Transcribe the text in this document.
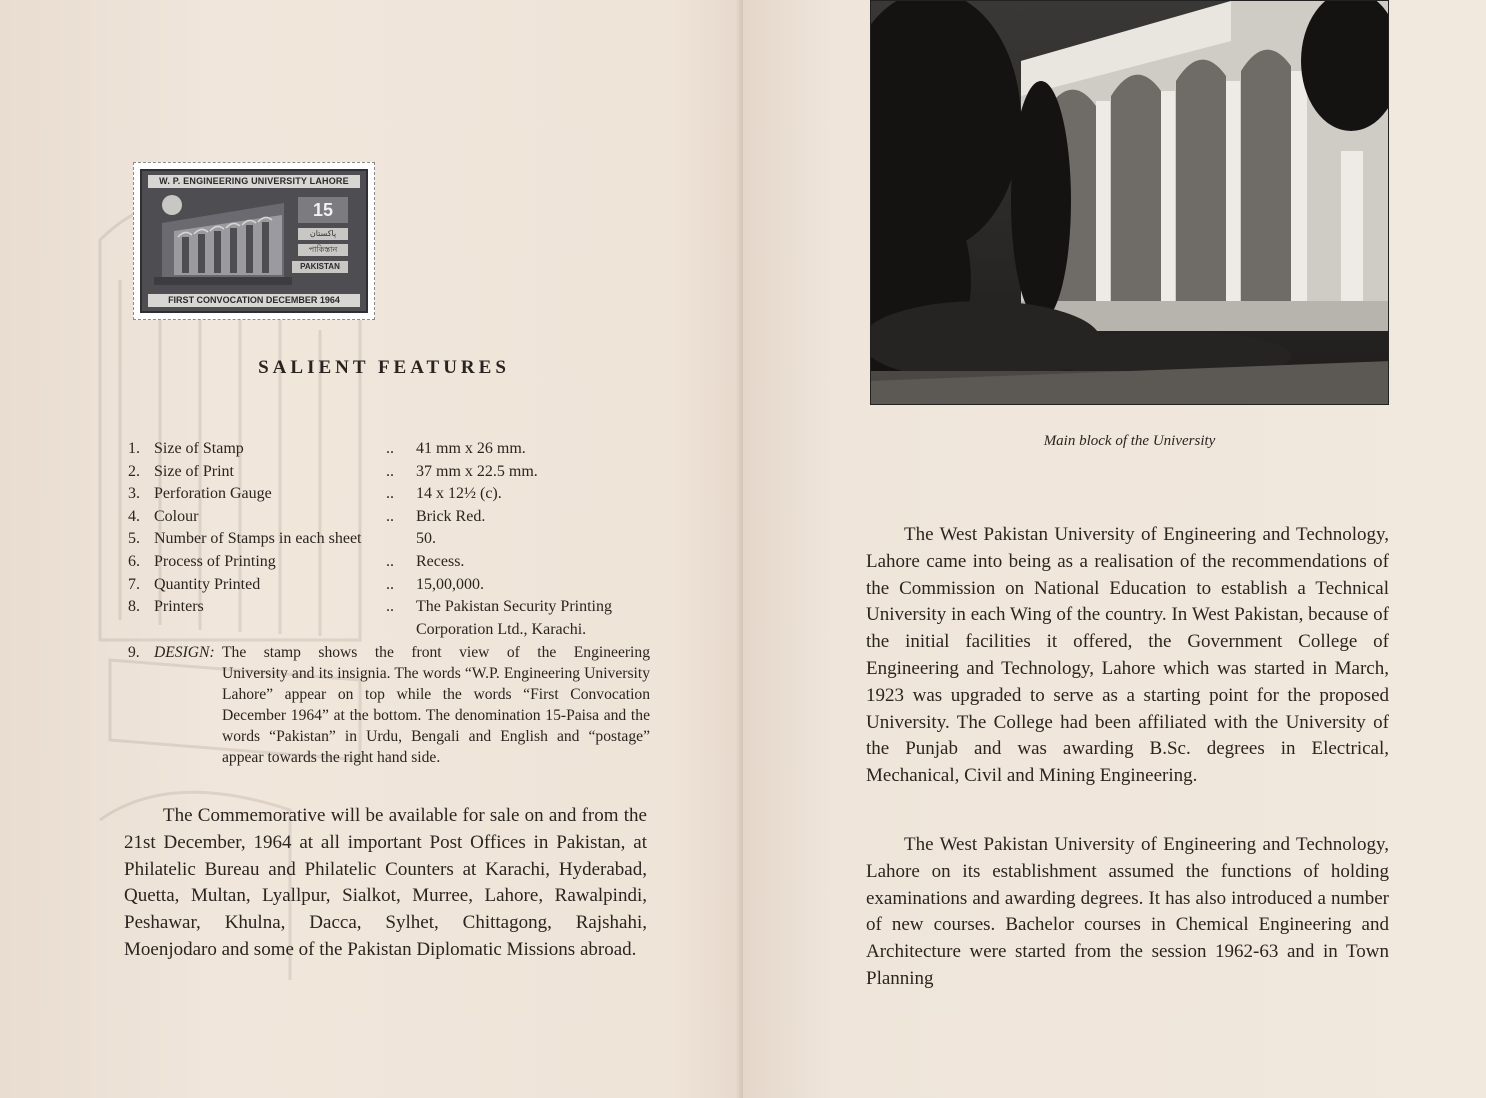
W. P. ENGINEERING UNIVERSITY LAHORE
15
پاکستان
পাকিস্তান
PAKISTAN
FIRST CONVOCATION DECEMBER 1964
SALIENT FEATURES
1. Size of Stamp	..	41 mm x 26 mm.
2. Size of Print	..	37 mm x 22.5 mm.
3. Perforation Gauge	..	14 x 12½ (c).
4. Colour	..	Brick Red.
5. Number of Stamps in each sheet	50.
6. Process of Printing	..	Recess.
7. Quantity Printed	..	15,00,000.
8. Printers	..	The Pakistan Security Printing Corporation Ltd., Karachi.
9. DESIGN: The stamp shows the front view of the Engineering
University and its insignia. The words “W.P. Engineering University Lahore” appear on top while the words “First Convocation December 1964” at the bottom. The denomination 15-Paisa and the words “Pakistan” in Urdu, Bengali and English and “postage” appear towards the right hand side.

The Commemorative will be available for sale on and from the 21st December, 1964 at all important Post Offices in Pakistan, at Philatelic Bureau and Philatelic Counters at Karachi, Hyderabad, Quetta, Multan, Lyallpur, Sialkot, Murree, Lahore, Rawalpindi, Peshawar, Khulna, Dacca, Sylhet, Chittagong, Rajshahi, Moenjodaro and some of the Pakistan Diplomatic Missions abroad.

Main block of the University

The West Pakistan University of Engineering and Technology, Lahore came into being as a realisation of the recommendations of the Commission on National Education to establish a Technical University in each Wing of the country. In West Pakistan, because of the initial facilities it offered, the Government College of Engineering and Technology, Lahore which was started in March, 1923 was upgraded to serve as a starting point for the proposed University. The College had been affiliated with the University of the Punjab and was awarding B.Sc. degrees in Electrical, Mechanical, Civil and Mining Engineering.

The West Pakistan University of Engineering and Technology, Lahore on its establishment assumed the functions of holding examinations and awarding degrees. It has also introduced a number of new courses. Bachelor courses in Chemical Engineering and Architecture were started from the session 1962-63 and in Town Planning
